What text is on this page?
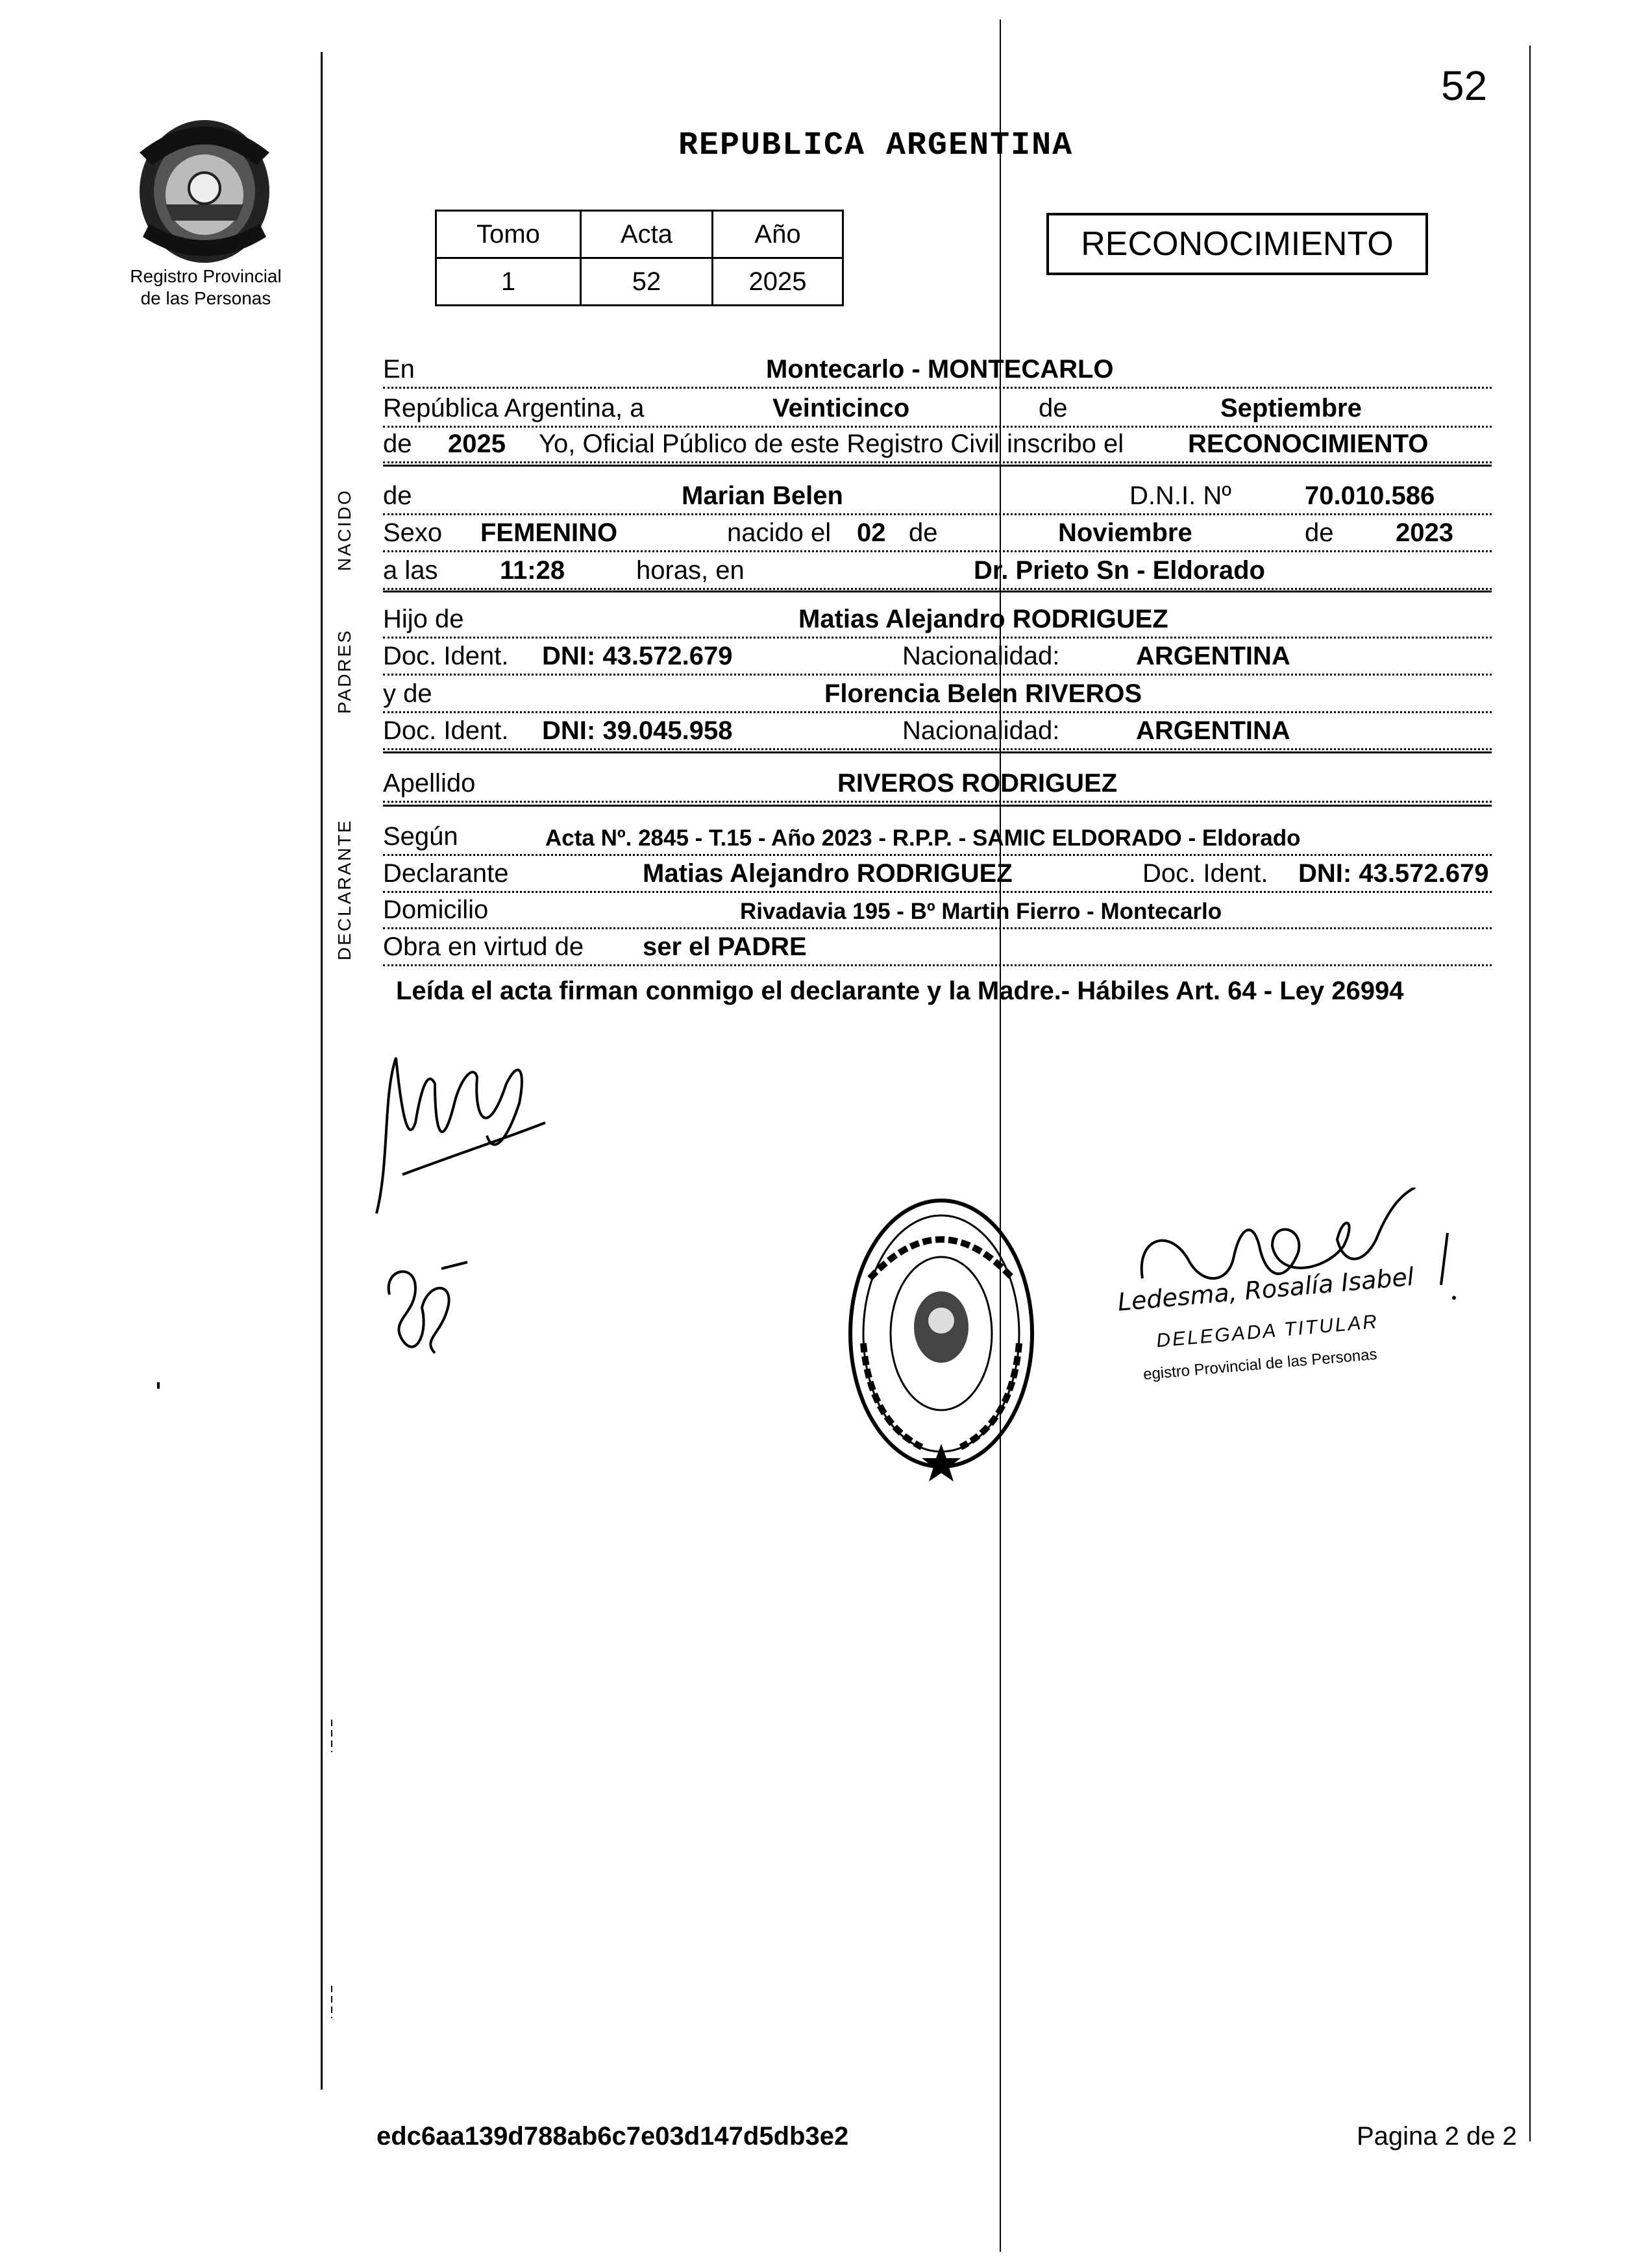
52
Registro Provincial
de las Personas
REPUBLICA ARGENTINA
Tomo	Acta	Año
1	52	2025
RECONOCIMIENTO
NACIDO
PADRES
DECLARANTE
En	Montecarlo - MONTECARLO
República Argentina, a	Veinticinco	de	Septiembre
de 2025 Yo, Oficial Público de este Registro Civil inscribo el RECONOCIMIENTO
de	Marian Belen	D.N.I. Nº	70.010.586
Sexo FEMENINO	nacido el 02 de	Noviembre	de 2023
a las 11:28	horas, en	Dr. Prieto Sn - Eldorado
Hijo de	Matias Alejandro RODRIGUEZ
Doc. Ident. DNI: 43.572.679	Nacionalidad:	ARGENTINA
y de	Florencia Belen RIVEROS
Doc. Ident. DNI: 39.045.958	Nacionalidad:	ARGENTINA
Apellido	RIVEROS RODRIGUEZ
Según	Acta Nº. 2845 - T.15 - Año 2023 - R.P.P. - SAMIC ELDORADO - Eldorado
Declarante	Matias Alejandro RODRIGUEZ	Doc. Ident. DNI: 43.572.679
Domicilio	Rivadavia 195 - Bº Martin Fierro - Montecarlo
Obra en virtud de ser el PADRE
Leída el acta firman conmigo el declarante y la Madre.- Hábiles Art. 64 - Ley 26994
Ledesma, Rosalía Isabel
DELEGADA TITULAR
egistro Provincial de las Personas
edc6aa139d788ab6c7e03d147d5db3e2	Pagina 2 de 2
